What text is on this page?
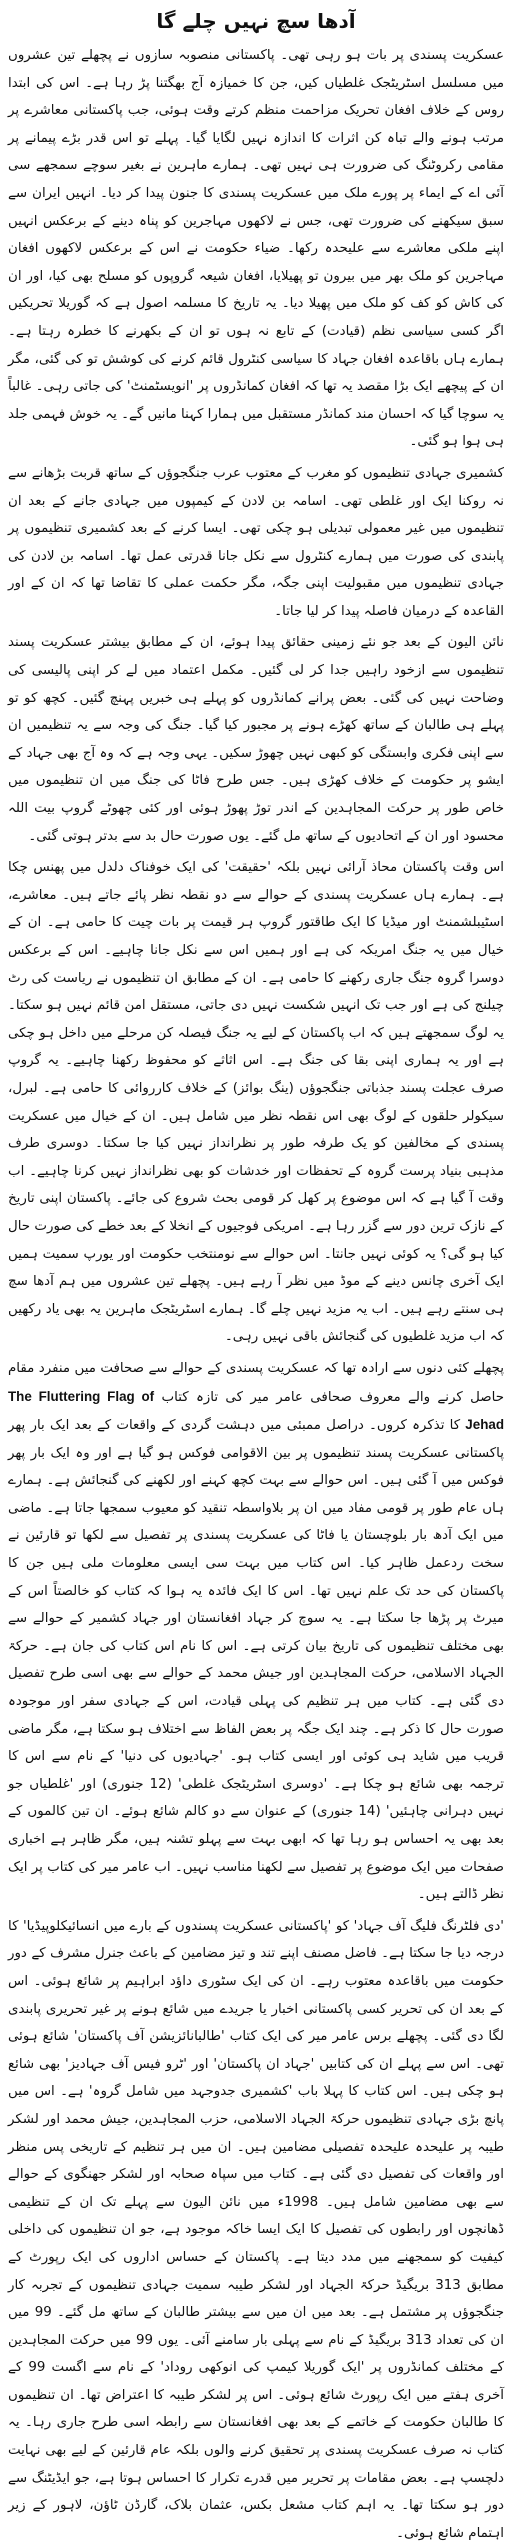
آدھا سچ نہیں چلے گا

عسکریت پسندی پر بات ہو رہی تھی۔ پاکستانی منصوبہ سازوں نے پچھلے تین عشروں میں مسلسل اسٹریٹجک غلطیاں کیں، جن کا خمیازہ آج بھگتنا پڑ رہا ہے۔ اس کی ابتدا روس کے خلاف افغان تحریک مزاحمت منظم کرتے وقت ہوئی، جب پاکستانی معاشرے پر مرتب ہونے والے تباہ کن اثرات کا اندازہ نہیں لگایا گیا۔ پہلے تو اس قدر بڑے پیمانے پر مقامی رکروٹنگ کی ضرورت ہی نہیں تھی۔ ہمارے ماہرین نے بغیر سوچے سمجھے سی آئی اے کے ایماء پر پورے ملک میں عسکریت پسندی کا جنون پیدا کر دیا۔ انہیں ایران سے سبق سیکھنے کی ضرورت تھی، جس نے لاکھوں مہاجرین کو پناہ دینے کے برعکس انہیں اپنے ملکی معاشرے سے علیحدہ رکھا۔ ضیاء حکومت نے اس کے برعکس لاکھوں افغان مہاجرین کو ملک بھر میں بیرون تو پھیلایا، افغان شیعہ گروپوں کو مسلح بھی کیا، اور ان کی کاش کو کف کو ملک میں پھیلا دیا۔ یہ تاریخ کا مسلمہ اصول ہے کہ گوریلا تحریکیں اگر کسی سیاسی نظم (قیادت) کے تابع نہ ہوں تو ان کے بکھرنے کا خطرہ رہتا ہے۔ ہمارے ہاں باقاعدہ افغان جہاد کا سیاسی کنٹرول قائم کرنے کی کوشش تو کی گئی، مگر ان کے پیچھے ایک بڑا مقصد یہ تھا کہ افغان کمانڈروں پر 'انویسٹمنٹ' کی جاتی رہی۔ غالباً یہ سوچا گیا کہ احسان مند کمانڈر مستقبل میں ہمارا کہنا مانیں گے۔ یہ خوش فہمی جلد ہی ہوا ہو گئی۔

کشمیری جہادی تنظیموں کو مغرب کے معتوب عرب جنگجوؤں کے ساتھ قربت بڑھانے سے نہ روکنا ایک اور غلطی تھی۔ اسامہ بن لادن کے کیمپوں میں جہادی جانے کے بعد ان تنظیموں میں غیر معمولی تبدیلی ہو چکی تھی۔ ایسا کرنے کے بعد کشمیری تنظیموں پر پابندی کی صورت میں ہمارے کنٹرول سے نکل جانا قدرتی عمل تھا۔ اسامہ بن لادن کی جہادی تنظیموں میں مقبولیت اپنی جگہ، مگر حکمت عملی کا تقاضا تھا کہ ان کے اور القاعدہ کے درمیان فاصلہ پیدا کر لیا جاتا۔

نائن الیون کے بعد جو نئے زمینی حقائق پیدا ہوئے، ان کے مطابق بیشتر عسکریت پسند تنظیموں سے ازخود راہیں جدا کر لی گئیں۔ مکمل اعتماد میں لے کر اپنی پالیسی کی وضاحت نہیں کی گئی۔ بعض پرانے کمانڈروں کو پہلے ہی خبریں پہنچ گئیں۔ کچھ کو تو پہلے ہی طالبان کے ساتھ کھڑے ہونے پر مجبور کیا گیا۔ جنگ کی وجہ سے یہ تنظیمیں ان سے اپنی فکری وابستگی کو کبھی نہیں چھوڑ سکیں۔ یہی وجہ ہے کہ وہ آج بھی جہاد کے ایشو پر حکومت کے خلاف کھڑی ہیں۔ جس طرح فاٹا کی جنگ میں ان تنظیموں میں خاص طور پر حرکت المجاہدین کے اندر توڑ پھوڑ ہوئی اور کئی چھوٹے گروپ بیت اللہ محسود اور ان کے اتحادیوں کے ساتھ مل گئے۔ یوں صورت حال بد سے بدتر ہوتی گئی۔

اس وقت پاکستان محاذ آرائی نہیں بلکہ 'حقیقت' کی ایک خوفناک دلدل میں پھنس چکا ہے۔ ہمارے ہاں عسکریت پسندی کے حوالے سے دو نقطہ نظر پائے جاتے ہیں۔ معاشرے، اسٹیبلشمنٹ اور میڈیا کا ایک طاقتور گروپ ہر قیمت پر بات چیت کا حامی ہے۔ ان کے خیال میں یہ جنگ امریکہ کی ہے اور ہمیں اس سے نکل جانا چاہیے۔ اس کے برعکس دوسرا گروہ جنگ جاری رکھنے کا حامی ہے۔ ان کے مطابق ان تنظیموں نے ریاست کی رٹ چیلنج کی ہے اور جب تک انہیں شکست نہیں دی جاتی، مستقل امن قائم نہیں ہو سکتا۔ یہ لوگ سمجھتے ہیں کہ اب پاکستان کے لیے یہ جنگ فیصلہ کن مرحلے میں داخل ہو چکی ہے اور یہ ہماری اپنی بقا کی جنگ ہے۔ اس اثاثے کو محفوظ رکھنا چاہیے۔ یہ گروپ صرف عجلت پسند جذباتی جنگجوؤں (ینگ بوائز) کے خلاف کارروائی کا حامی ہے۔ لبرل، سیکولر حلقوں کے لوگ بھی اس نقطہ نظر میں شامل ہیں۔ ان کے خیال میں عسکریت پسندی کے مخالفین کو یک طرفہ طور پر نظرانداز نہیں کیا جا سکتا۔ دوسری طرف مذہبی بنیاد پرست گروہ کے تحفظات اور خدشات کو بھی نظرانداز نہیں کرنا چاہیے۔ اب وقت آ گیا ہے کہ اس موضوع پر کھل کر قومی بحث شروع کی جائے۔ پاکستان اپنی تاریخ کے نازک ترین دور سے گزر رہا ہے۔ امریکی فوجیوں کے انخلا کے بعد خطے کی صورت حال کیا ہو گی؟ یہ کوئی نہیں جانتا۔ اس حوالے سے نومنتخب حکومت اور یورپ سمیت ہمیں ایک آخری چانس دینے کے موڈ میں نظر آ رہے ہیں۔ پچھلے تین عشروں میں ہم آدھا سچ ہی سنتے رہے ہیں۔ اب یہ مزید نہیں چلے گا۔ ہمارے اسٹریٹجک ماہرین یہ بھی یاد رکھیں کہ اب مزید غلطیوں کی گنجائش باقی نہیں رہی۔

پچھلے کئی دنوں سے ارادہ تھا کہ عسکریت پسندی کے حوالے سے صحافت میں منفرد مقام حاصل کرنے والے معروف صحافی عامر میر کی تازہ کتاب The Fluttering Flag of Jehad کا تذکرہ کروں۔ دراصل ممبئی میں دہشت گردی کے واقعات کے بعد ایک بار پھر پاکستانی عسکریت پسند تنظیموں پر بین الاقوامی فوکس ہو گیا ہے اور وہ ایک بار پھر فوکس میں آ گئی ہیں۔ اس حوالے سے بہت کچھ کہنے اور لکھنے کی گنجائش ہے۔ ہمارے ہاں عام طور پر قومی مفاد میں ان پر بلاواسطہ تنقید کو معیوب سمجھا جاتا ہے۔ ماضی میں ایک آدھ بار بلوچستان یا فاٹا کی عسکریت پسندی پر تفصیل سے لکھا تو قارئین نے سخت ردعمل ظاہر کیا۔ اس کتاب میں بہت سی ایسی معلومات ملی ہیں جن کا پاکستان کی حد تک علم نہیں تھا۔ اس کا ایک فائدہ یہ ہوا کہ کتاب کو خالصتاً اس کے میرٹ پر پڑھا جا سکتا ہے۔ یہ سوچ کر جہاد افغانستان اور جہاد کشمیر کے حوالے سے بھی مختلف تنظیموں کی تاریخ بیان کرتی ہے۔ اس کا نام اس کتاب کی جان ہے۔ حرکۃ الجہاد الاسلامی، حرکت المجاہدین اور جیش محمد کے حوالے سے بھی اسی طرح تفصیل دی گئی ہے۔ کتاب میں ہر تنظیم کی پہلی قیادت، اس کے جہادی سفر اور موجودہ صورت حال کا ذکر ہے۔ چند ایک جگہ پر بعض الفاظ سے اختلاف ہو سکتا ہے، مگر ماضی قریب میں شاید ہی کوئی اور ایسی کتاب ہو۔ 'جہادیوں کی دنیا' کے نام سے اس کا ترجمہ بھی شائع ہو چکا ہے۔ 'دوسری اسٹریٹجک غلطی' (12 جنوری) اور 'غلطیاں جو نہیں دہرانی چاہئیں' (14 جنوری) کے عنوان سے دو کالم شائع ہوئے۔ ان تین کالموں کے بعد بھی یہ احساس ہو رہا تھا کہ ابھی بہت سے پہلو تشنہ ہیں، مگر ظاہر ہے اخباری صفحات میں ایک موضوع پر تفصیل سے لکھنا مناسب نہیں۔ اب عامر میر کی کتاب پر ایک نظر ڈالتے ہیں۔

'دی فلٹرنگ فلیگ آف جہاد' کو 'پاکستانی عسکریت پسندوں کے بارے میں انسائیکلوپیڈیا' کا درجہ دیا جا سکتا ہے۔ فاضل مصنف اپنے تند و تیز مضامین کے باعث جنرل مشرف کے دور حکومت میں باقاعدہ معتوب رہے۔ ان کی ایک سٹوری داؤد ابراہیم پر شائع ہوئی۔ اس کے بعد ان کی تحریر کسی پاکستانی اخبار یا جریدے میں شائع ہونے پر غیر تحریری پابندی لگا دی گئی۔ پچھلے برس عامر میر کی ایک کتاب 'طالبانائزیشن آف پاکستان' شائع ہوئی تھی۔ اس سے پہلے ان کی کتابیں 'جہاد ان پاکستان' اور 'ٹرو فیس آف جہادیز' بھی شائع ہو چکی ہیں۔ اس کتاب کا پہلا باب 'کشمیری جدوجہد میں شامل گروہ' ہے۔ اس میں پانچ بڑی جہادی تنظیموں حرکۃ الجہاد الاسلامی، حزب المجاہدین، جیش محمد اور لشکر طیبہ پر علیحدہ علیحدہ تفصیلی مضامین ہیں۔ ان میں ہر تنظیم کے تاریخی پس منظر اور واقعات کی تفصیل دی گئی ہے۔ کتاب میں سپاہ صحابہ اور لشکر جھنگوی کے حوالے سے بھی مضامین شامل ہیں۔ 1998ء میں نائن الیون سے پہلے تک ان کے تنظیمی ڈھانچوں اور رابطوں کی تفصیل کا ایک ایسا خاکہ موجود ہے، جو ان تنظیموں کی داخلی کیفیت کو سمجھنے میں مدد دیتا ہے۔ پاکستان کے حساس اداروں کی ایک رپورٹ کے مطابق 313 بریگیڈ حرکۃ الجہاد اور لشکر طیبہ سمیت جہادی تنظیموں کے تجربہ کار جنگجوؤں پر مشتمل ہے۔ بعد میں ان میں سے بیشتر طالبان کے ساتھ مل گئے۔ 99 میں ان کی تعداد 313 بریگیڈ کے نام سے پہلی بار سامنے آئی۔ یوں 99 میں حرکت المجاہدین کے مختلف کمانڈروں پر 'ایک گوریلا کیمپ کی انوکھی روداد' کے نام سے اگست 99 کے آخری ہفتے میں ایک رپورٹ شائع ہوئی۔ اس پر لشکر طیبہ کا اعتراض تھا۔ ان تنظیموں کا طالبان حکومت کے خاتمے کے بعد بھی افغانستان سے رابطہ اسی طرح جاری رہا۔ یہ کتاب نہ صرف عسکریت پسندی پر تحقیق کرنے والوں بلکہ عام قارئین کے لیے بھی نہایت دلچسپ ہے۔ بعض مقامات پر تحریر میں قدرے تکرار کا احساس ہوتا ہے، جو ایڈیٹنگ سے دور ہو سکتا تھا۔ یہ اہم کتاب مشعل بکس، عثمان بلاک، گارڈن ٹاؤن، لاہور کے زیر اہتمام شائع ہوئی۔
